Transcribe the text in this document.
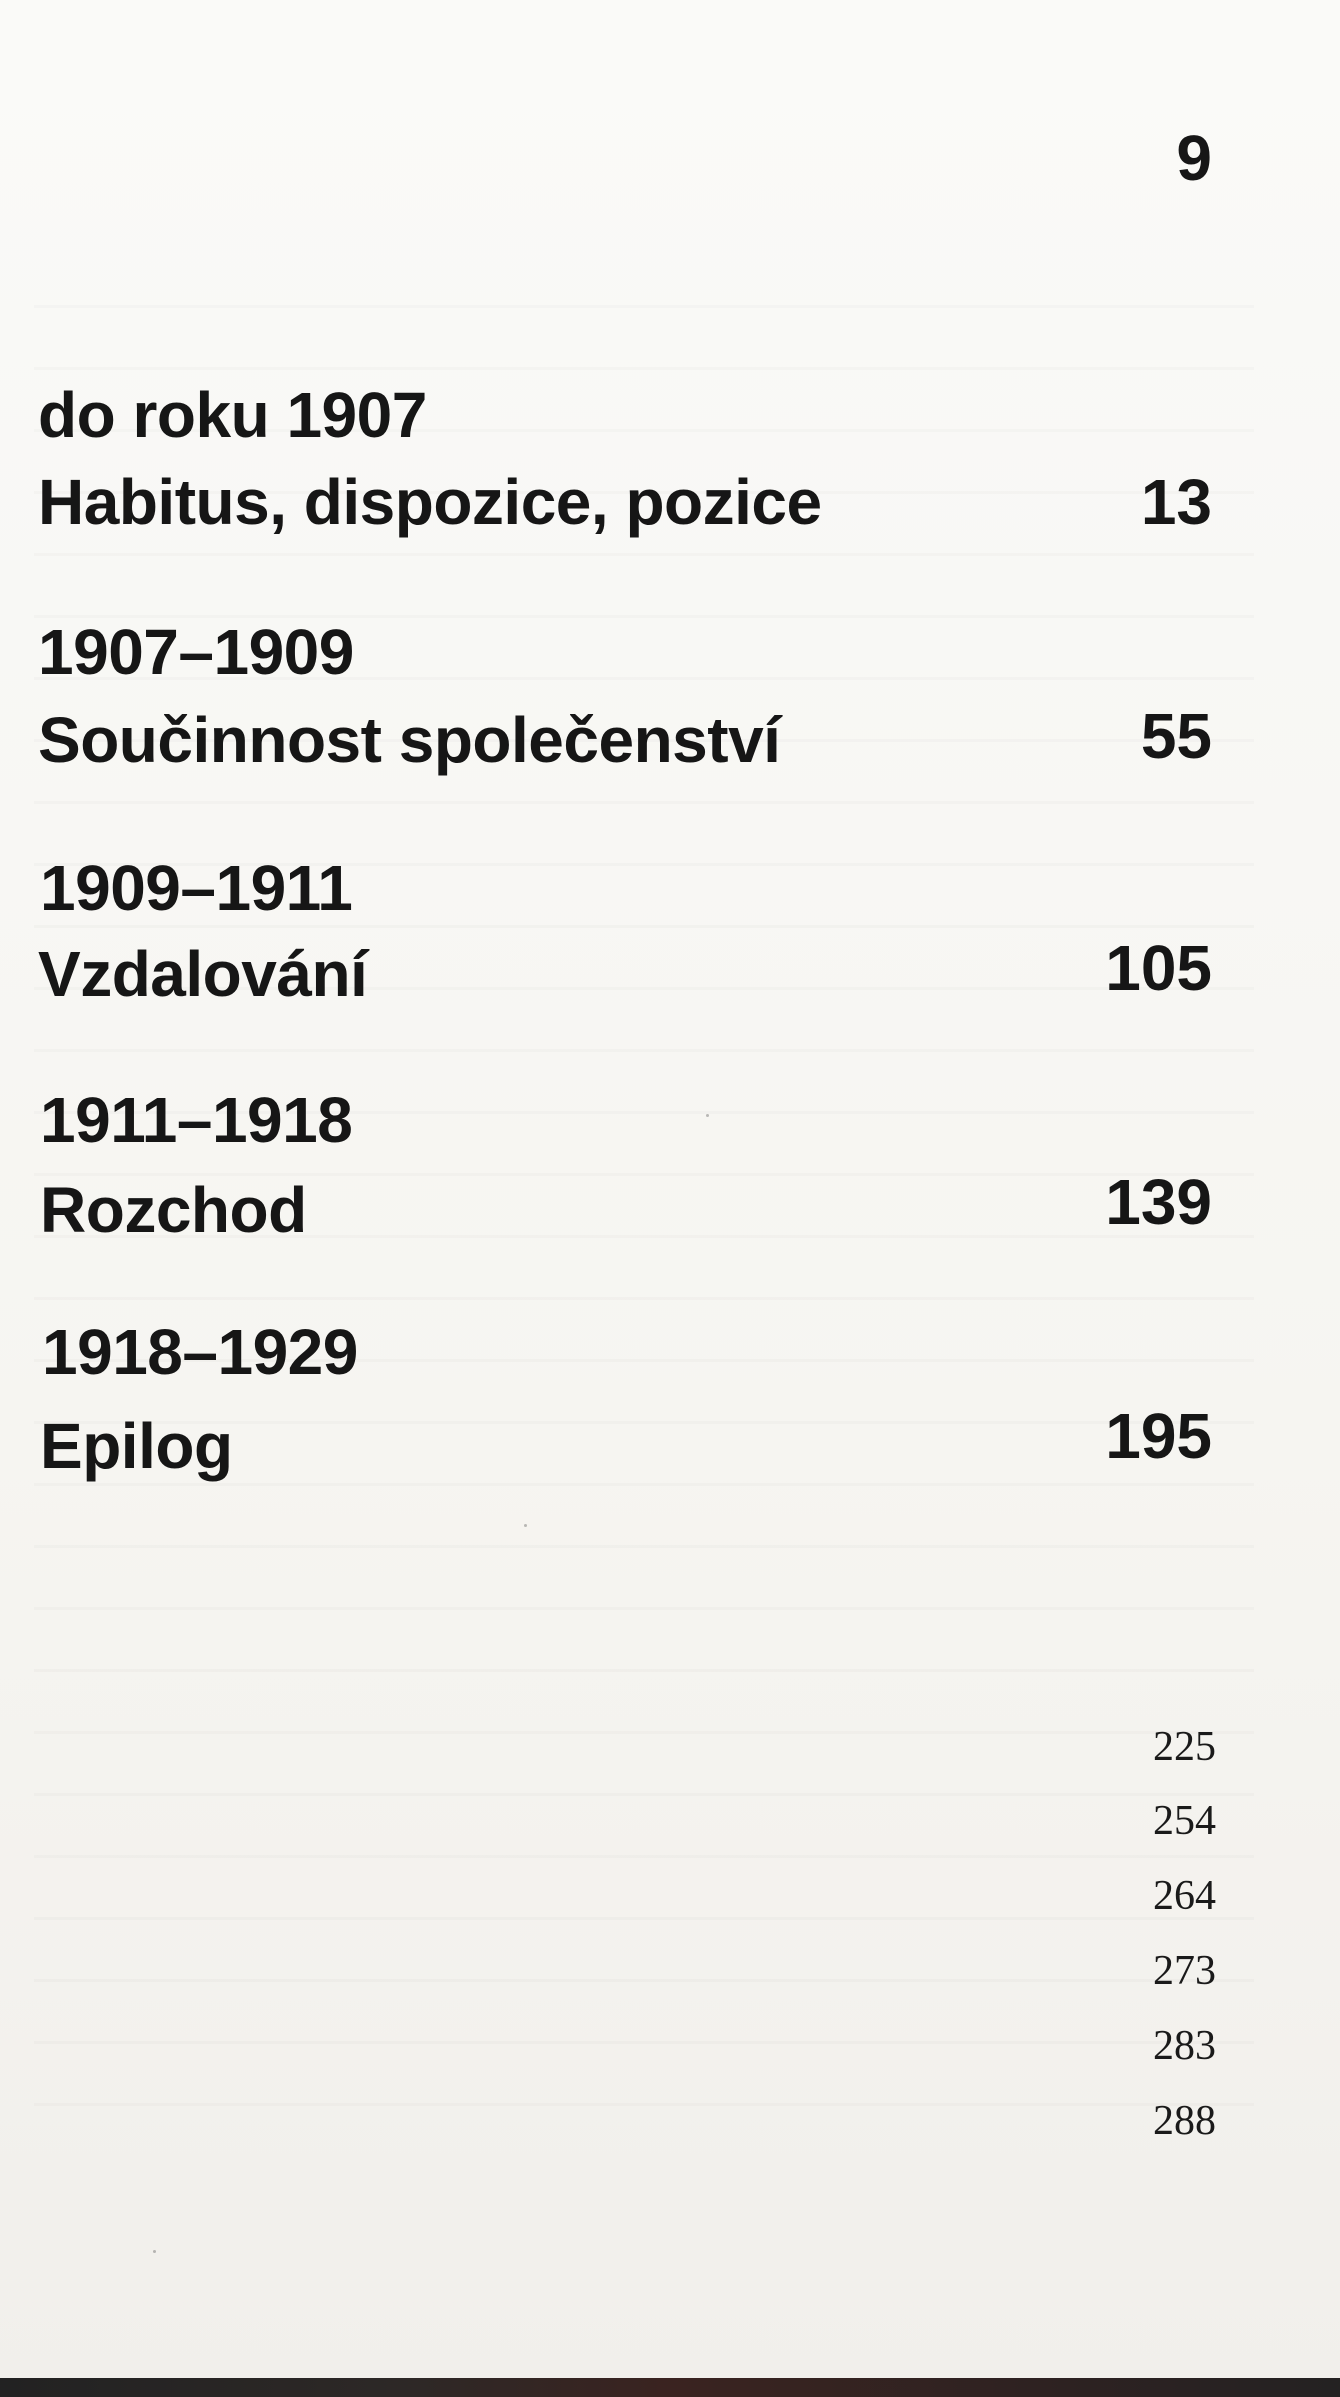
9
do roku 1907
Habitus, dispozice, pozice	13
1907–1909
Součinnost společenství	55
1909–1911
Vzdalování	105
1911–1918
Rozchod	139
1918–1929
Epilog	195
225
254
264
273
283
288
